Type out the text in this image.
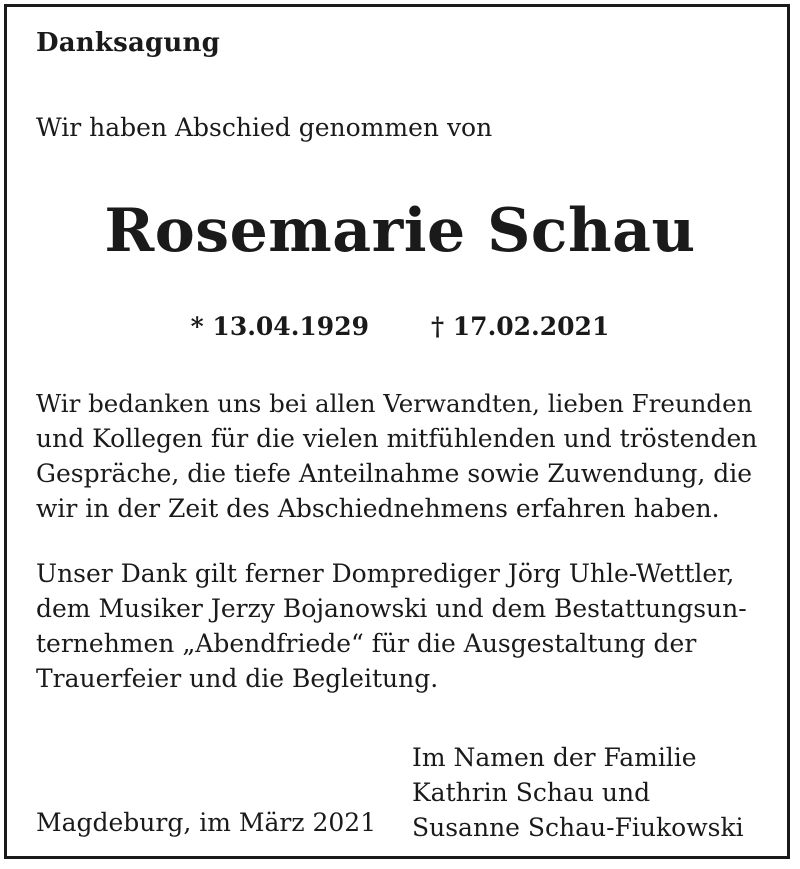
Danksagung
Wir haben Abschied genommen von
Rosemarie Schau
* 13.04.1929 † 17.02.2021
Wir bedanken uns bei allen Verwandten, lieben Freunden
und Kollegen für die vielen mitfühlenden und tröstenden
Gespräche, die tiefe Anteilnahme sowie Zuwendung, die
wir in der Zeit des Abschiednehmens erfahren haben.
Unser Dank gilt ferner Domprediger Jörg Uhle-Wettler,
dem Musiker Jerzy Bojanowski und dem Bestattungsun-
ternehmen „Abendfriede“ für die Ausgestaltung der
Trauerfeier und die Begleitung.
Magdeburg, im März 2021
Im Namen der Familie
Kathrin Schau und
Susanne Schau-Fiukowski
